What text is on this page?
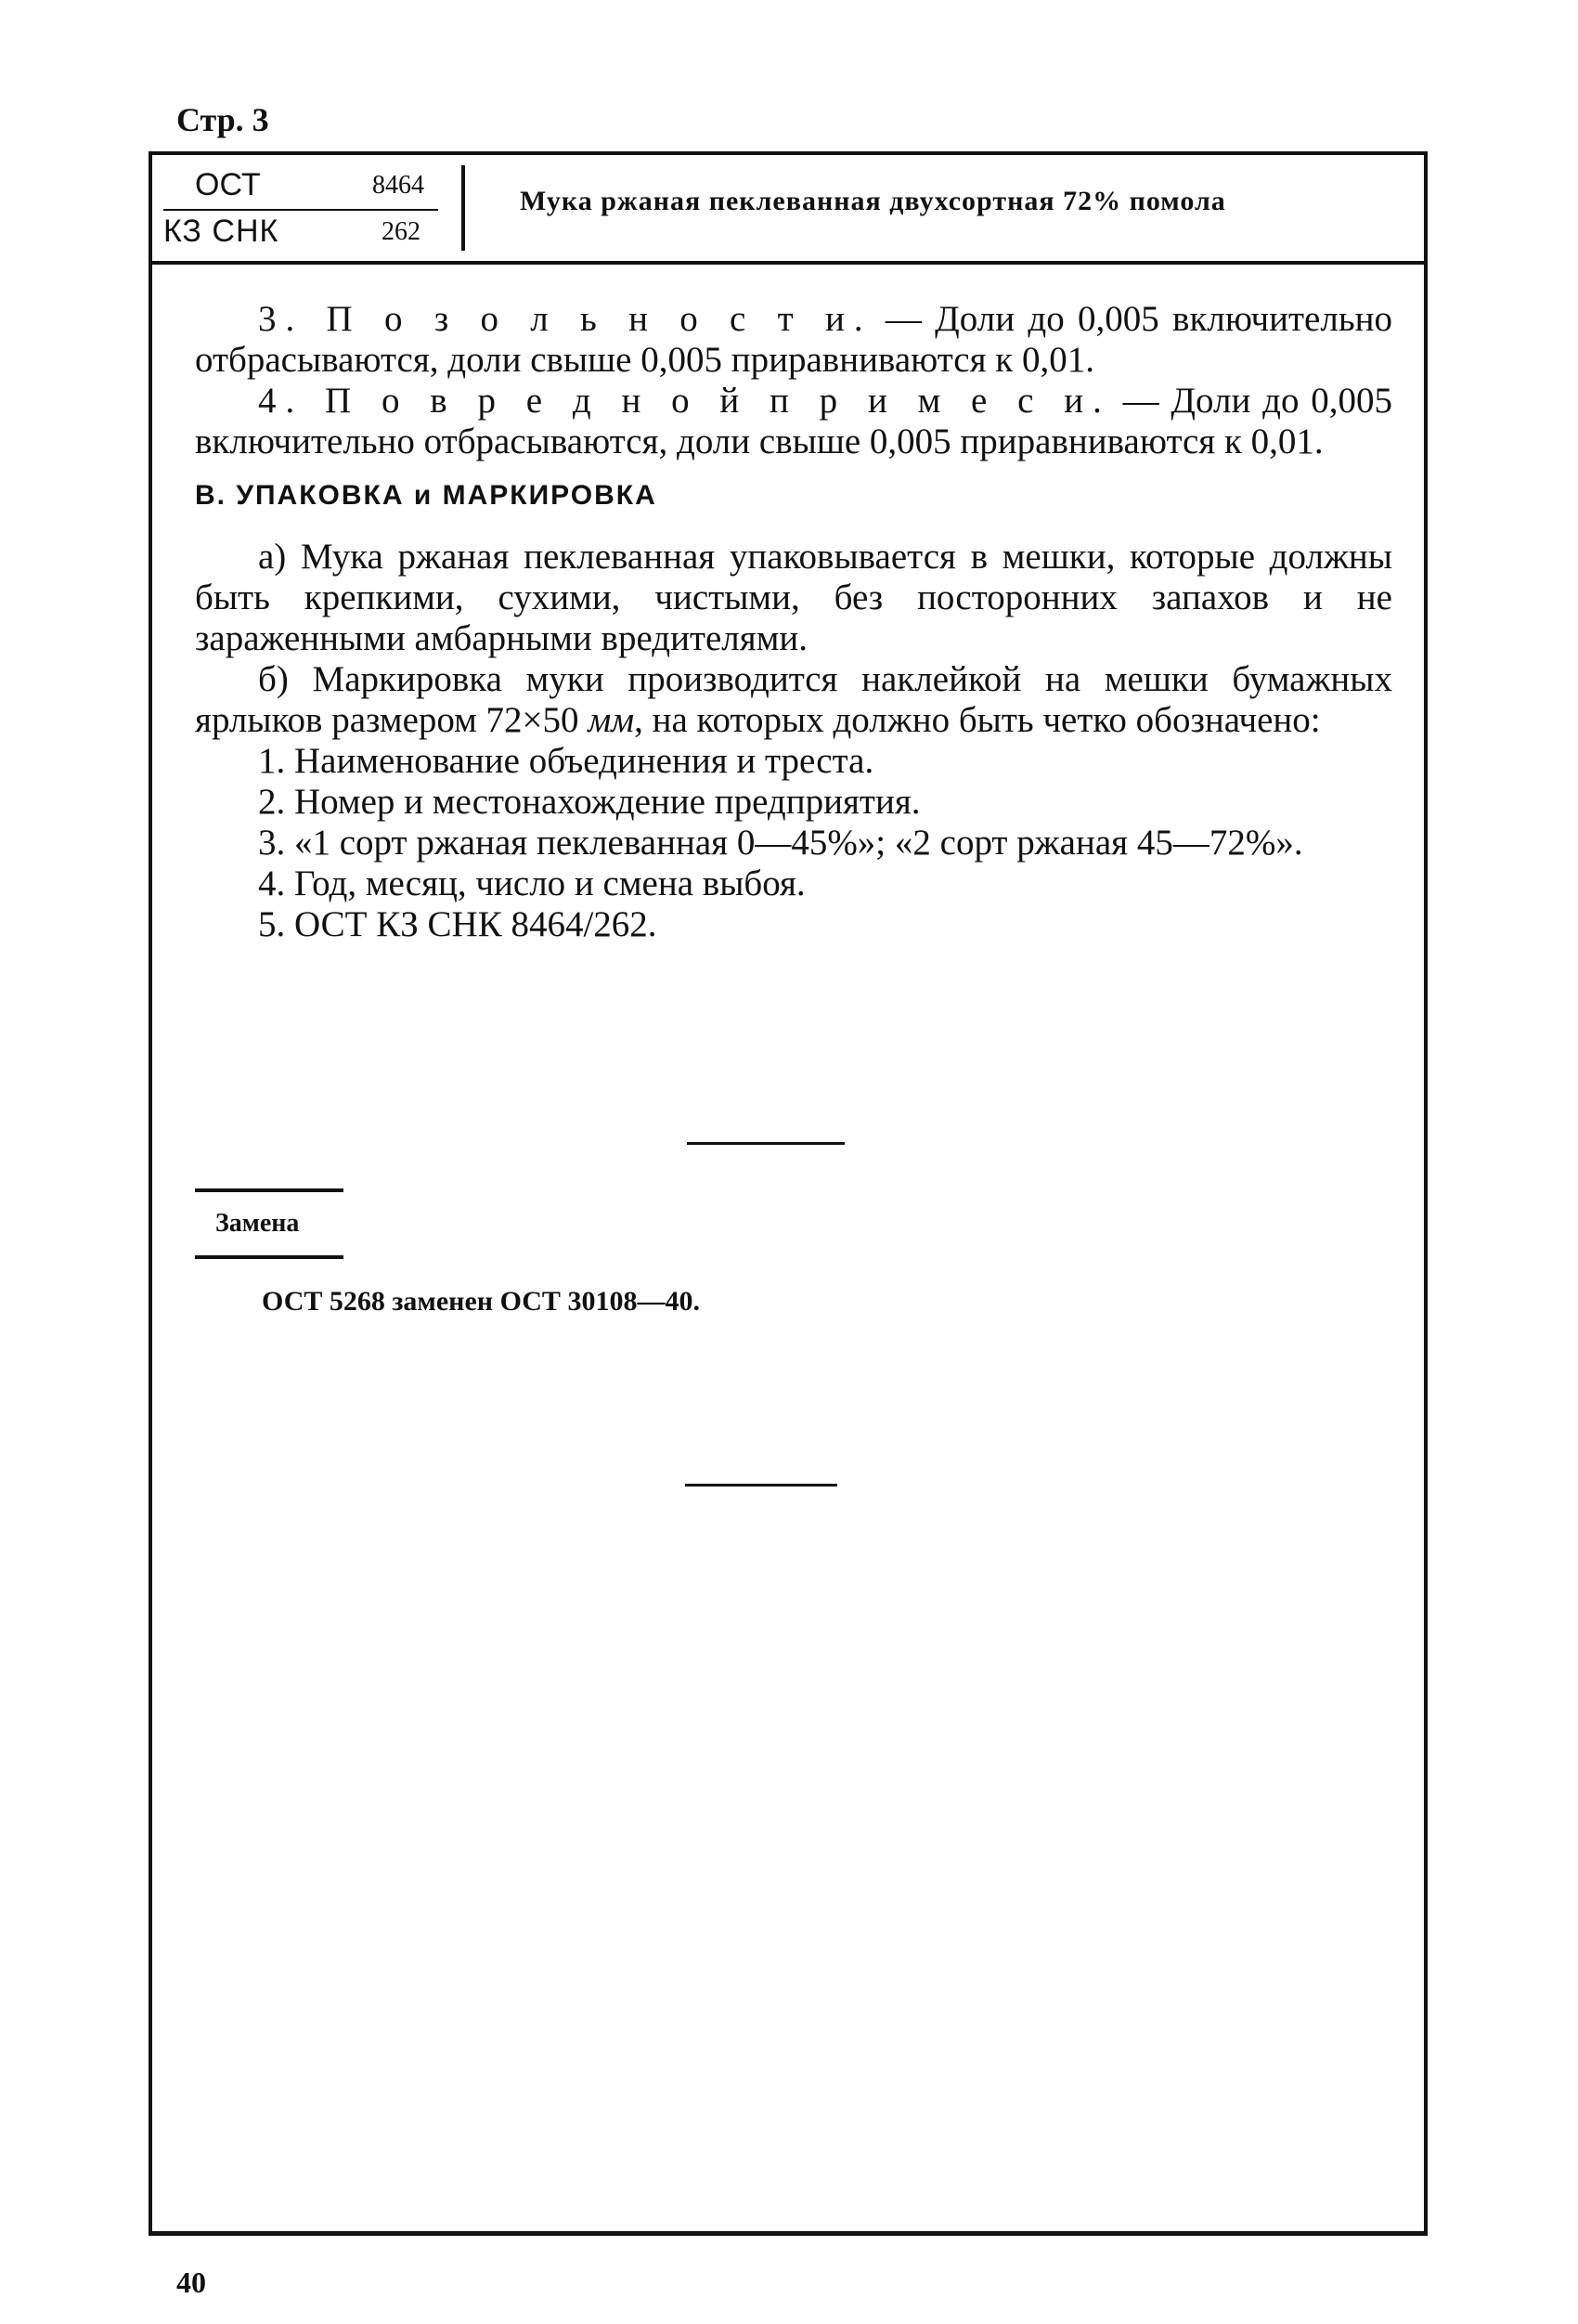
Стр. 3
ОСТ	8464
КЗ СНК	262
Мука ржаная пеклеванная двухсортная 72% помола

3. П о з о л ь н о с т и. — Доли до 0,005 включительно отбрасываются, доли свыше 0,005 приравниваются к 0,01.

4. П о в р е д н о й п р и м е с и. — Доли до 0,005 включительно отбрасываются, доли свыше 0,005 приравниваются к 0,01.

В. УПАКОВКА и МАРКИРОВКА

а) Мука ржаная пеклеванная упаковывается в мешки, которые должны быть крепкими, сухими, чистыми, без посторонних запахов и не зараженными амбарными вредителями.

б) Маркировка муки производится наклейкой на мешки бумажных ярлыков размером 72×50 мм, на которых должно быть четко обозначено:

1. Наименование объединения и треста.

2. Номер и местонахождение предприятия.

3. «1 сорт ржаная пеклеванная 0—45%»; «2 сорт ржаная 45—72%».

4. Год, месяц, число и смена выбоя.

5. ОСТ КЗ СНК 8464/262.

Замена
ОСТ 5268 заменен ОСТ 30108—40.
40
